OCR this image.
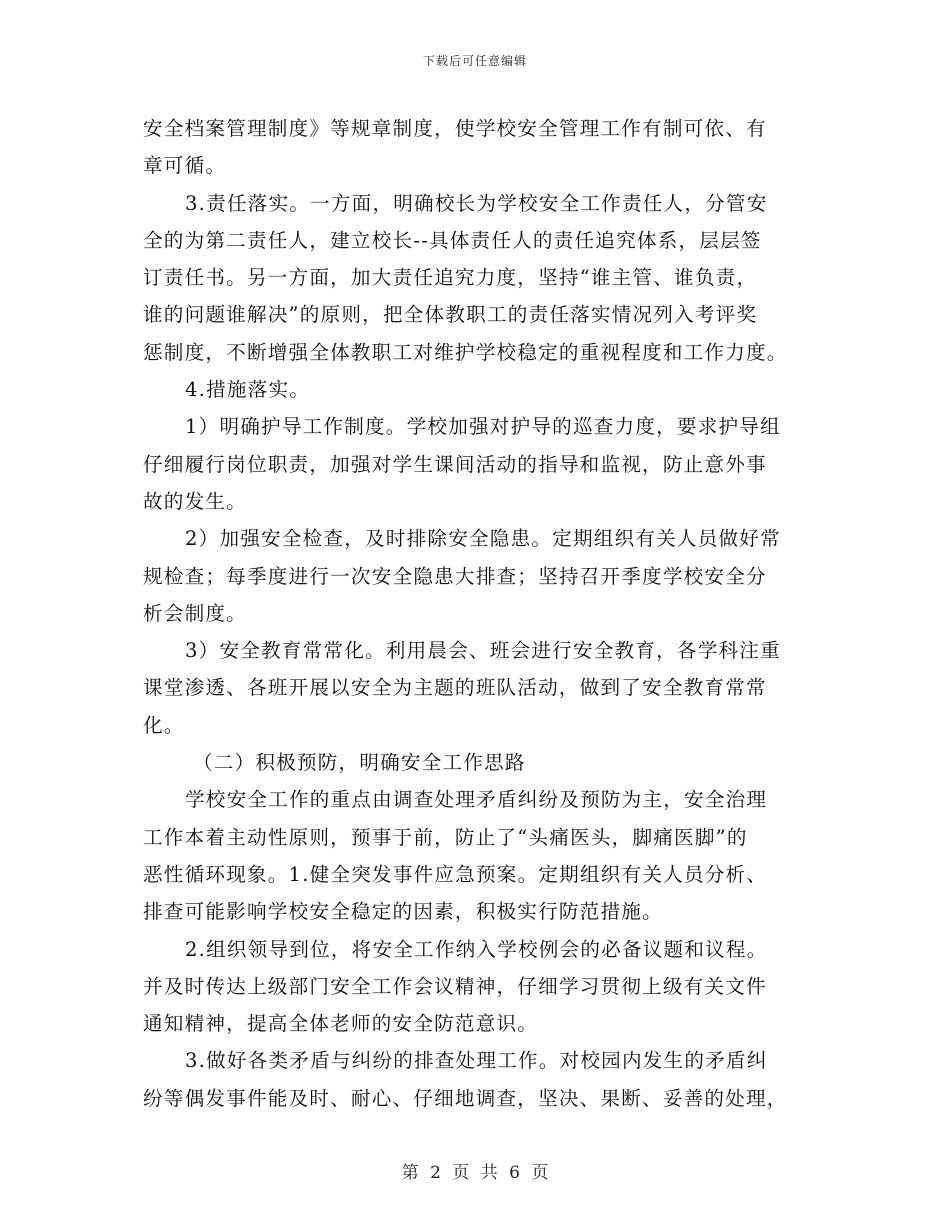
下载后可任意编辑

安全档案管理制度》等规章制度，使学校安全管理工作有制可依、有
章可循。

3.责任落实。一方面，明确校长为学校安全工作责任人，分管安
全的为第二责任人，建立校长--具体责任人的责任追究体系，层层签
订责任书。另一方面，加大责任追究力度，坚持“谁主管、谁负责，
谁的问题谁解决”的原则，把全体教职工的责任落实情况列入考评奖
惩制度，不断增强全体教职工对维护学校稳定的重视程度和工作力度。

4.措施落实。

1）明确护导工作制度。学校加强对护导的巡查力度，要求护导组
仔细履行岗位职责，加强对学生课间活动的指导和监视，防止意外事
故的发生。

2）加强安全检查，及时排除安全隐患。定期组织有关人员做好常
规检查；每季度进行一次安全隐患大排查；坚持召开季度学校安全分
析会制度。

3）安全教育常常化。利用晨会、班会进行安全教育，各学科注重
课堂渗透、各班开展以安全为主题的班队活动，做到了安全教育常常
化。

（二）积极预防，明确安全工作思路

学校安全工作的重点由调查处理矛盾纠纷及预防为主，安全治理
工作本着主动性原则，预事于前，防止了“头痛医头，脚痛医脚”的
恶性循环现象。1.健全突发事件应急预案。定期组织有关人员分析、
排查可能影响学校安全稳定的因素，积极实行防范措施。

2.组织领导到位，将安全工作纳入学校例会的必备议题和议程。
并及时传达上级部门安全工作会议精神，仔细学习贯彻上级有关文件
通知精神，提高全体老师的安全防范意识。

3.做好各类矛盾与纠纷的排查处理工作。对校园内发生的矛盾纠
纷等偶发事件能及时、耐心、仔细地调查，坚决、果断、妥善的处理，

第 2 页 共 6 页
